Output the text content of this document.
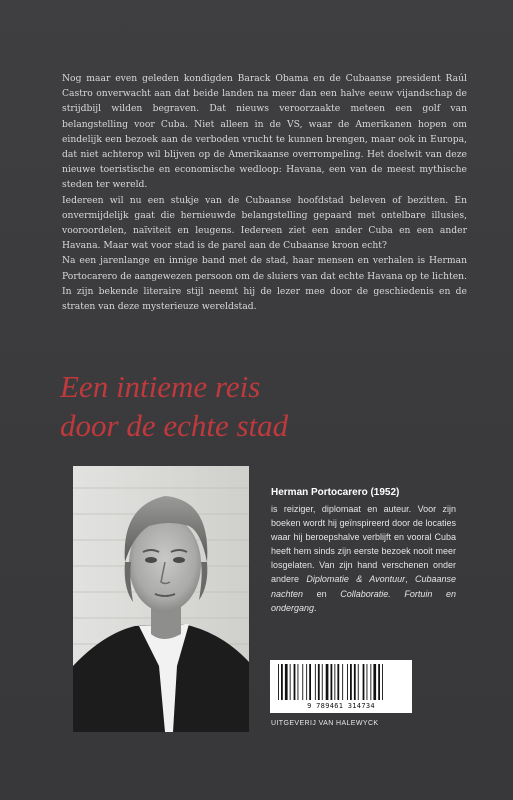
Nog maar even geleden kondigden Barack Obama en de Cubaanse president Raúl Castro onverwacht aan dat beide landen na meer dan een halve eeuw vijandschap de strijdbijl wilden begraven. Dat nieuws veroorzaakte meteen een golf van belangstelling voor Cuba. Niet alleen in de VS, waar de Amerikanen hopen om eindelijk een bezoek aan de verboden vrucht te kunnen brengen, maar ook in Europa, dat niet achterop wil blijven op de Amerikaanse overrompeling. Het doelwit van deze nieuwe toeristische en economische wedloop: Havana, een van de meest mythische steden ter wereld.

Iedereen wil nu een stukje van de Cubaanse hoofdstad beleven of bezitten. En onvermijdelijk gaat die hernieuwde belangstelling gepaard met ontelbare illusies, vooroordelen, naïviteit en leugens. Iedereen ziet een ander Cuba en een ander Havana. Maar wat voor stad is de parel aan de Cubaanse kroon echt?

Na een jarenlange en innige band met de stad, haar mensen en verhalen is Herman Portocarero de aangewezen persoon om de sluiers van dat echte Havana op te lichten. In zijn bekende literaire stijl neemt hij de lezer mee door de geschiedenis en de straten van deze mysterieuze wereldstad.

Een intieme reis
door de echte stad
Herman Portocarero (1952)

is reiziger, diplomaat en auteur. Voor zijn boeken wordt hij geïnspireerd door de locaties waar hij beroepshalve verblijft en vooral Cuba heeft hem sinds zijn eerste bezoek nooit meer losgelaten. Van zijn hand verschenen onder andere Diplomatie & Avontuur, Cubaanse nachten en Collaboratie. Fortuin en ondergang.

9 789461 314734
UITGEVERIJ VAN HALEWYCK
